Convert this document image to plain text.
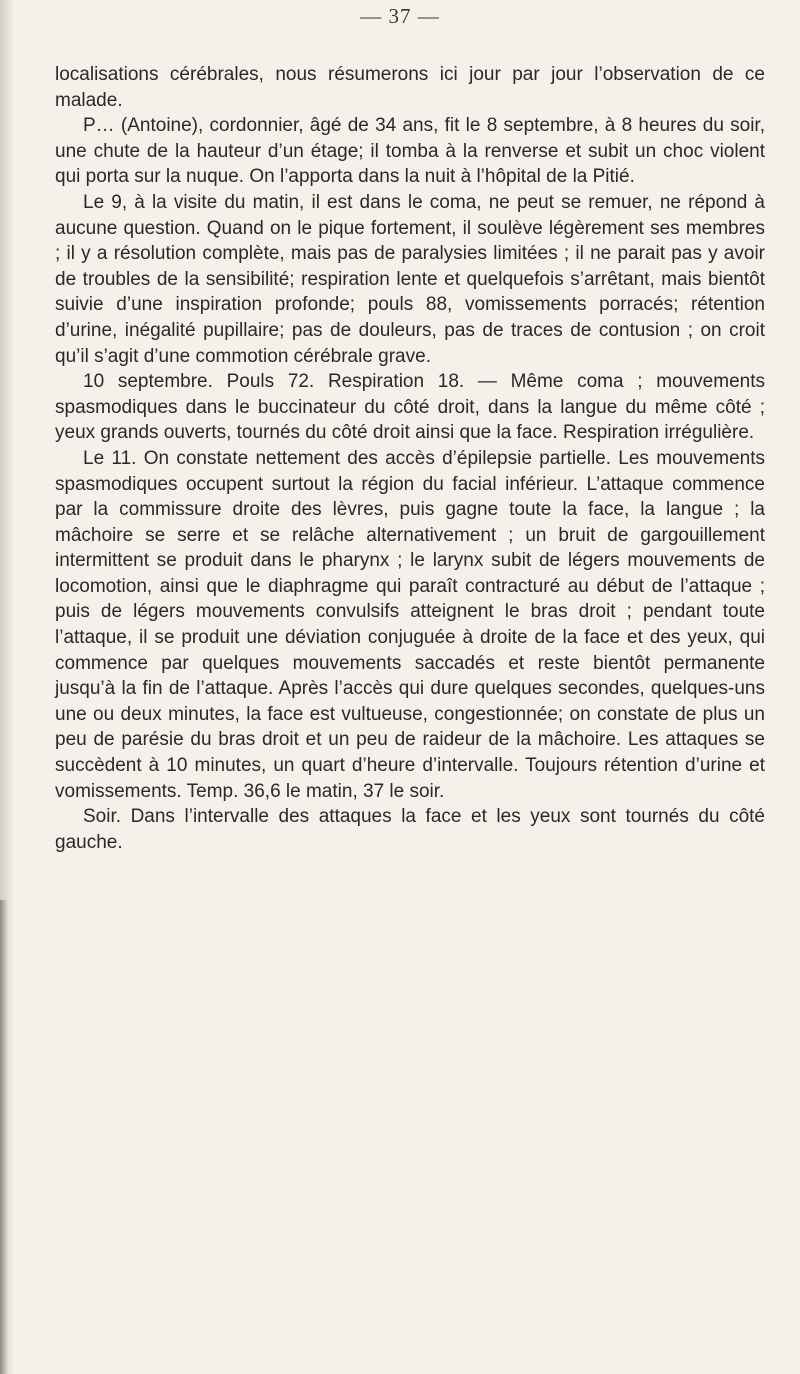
— 37 —

localisations cérébrales, nous résumerons ici jour par jour l’observation de ce malade.

P… (Antoine), cordonnier, âgé de 34 ans, fit le 8 septembre, à 8 heures du soir, une chute de la hauteur d’un étage; il tomba à la renverse et subit un choc violent qui porta sur la nuque. On l’apporta dans la nuit à l’hôpital de la Pitié.

Le 9, à la visite du matin, il est dans le coma, ne peut se remuer, ne répond à aucune question. Quand on le pique fortement, il soulève légèrement ses membres ; il y a résolution complète, mais pas de paralysies limitées ; il ne parait pas y avoir de troubles de la sensibilité; respiration lente et quelquefois s’arrêtant, mais bientôt suivie d’une inspiration profonde; pouls 88, vomissements porracés; rétention d’urine, inégalité pupillaire; pas de douleurs, pas de traces de contusion ; on croit qu’il s’agit d’une commotion cérébrale grave.

10 septembre. Pouls 72. Respiration 18. — Même coma ; mouvements spasmodiques dans le buccinateur du côté droit, dans la langue du même côté ; yeux grands ouverts, tournés du côté droit ainsi que la face. Respiration irrégulière.

Le 11. On constate nettement des accès d’épilepsie partielle. Les mouvements spasmodiques occupent surtout la région du facial inférieur. L’attaque commence par la commissure droite des lèvres, puis gagne toute la face, la langue ; la mâchoire se serre et se relâche alternativement ; un bruit de gargouillement intermittent se produit dans le pharynx ; le larynx subit de légers mouvements de locomotion, ainsi que le diaphragme qui paraît contracturé au début de l’attaque ; puis de légers mouvements convulsifs atteignent le bras droit ; pendant toute l’attaque, il se produit une déviation conjuguée à droite de la face et des yeux, qui commence par quelques mouvements saccadés et reste bientôt permanente jusqu’à la fin de l’attaque. Après l’accès qui dure quelques secondes, quelques-uns une ou deux minutes, la face est vultueuse, congestionnée; on constate de plus un peu de parésie du bras droit et un peu de raideur de la mâchoire. Les attaques se succèdent à 10 minutes, un quart d’heure d’intervalle. Toujours rétention d’urine et vomissements. Temp. 36,6 le matin, 37 le soir.

Soir. Dans l’intervalle des attaques la face et les yeux sont tournés du côté gauche.
